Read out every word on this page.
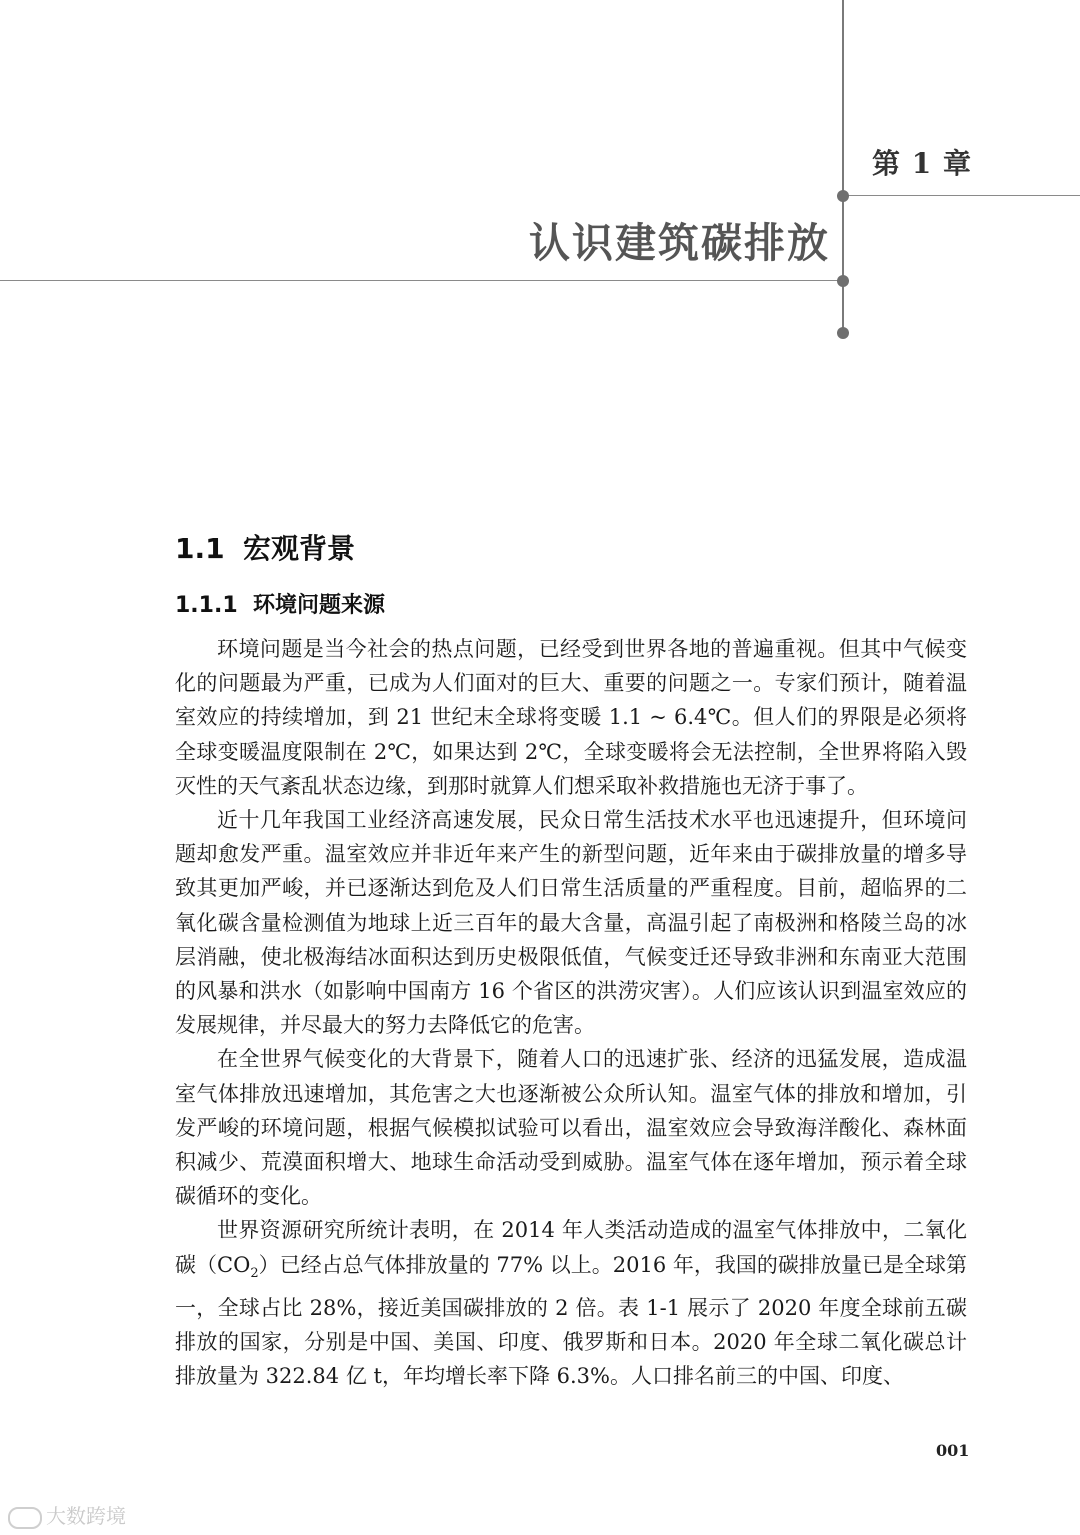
第 1 章
认识建筑碳排放
1.1 宏观背景
1.1.1 环境问题来源

环境问题是当今社会的热点问题，已经受到世界各地的普遍重视。但其中气候变化的问题最为严重，已成为人们面对的巨大、重要的问题之一。专家们预计，随着温室效应的持续增加，到 21 世纪末全球将变暖 1.1 ~ 6.4℃。但人们的界限是必须将全球变暖温度限制在 2℃，如果达到 2℃，全球变暖将会无法控制，全世界将陷入毁灭性的天气紊乱状态边缘，到那时就算人们想采取补救措施也无济于事了。

近十几年我国工业经济高速发展，民众日常生活技术水平也迅速提升，但环境问题却愈发严重。温室效应并非近年来产生的新型问题，近年来由于碳排放量的增多导致其更加严峻，并已逐渐达到危及人们日常生活质量的严重程度。目前，超临界的二氧化碳含量检测值为地球上近三百年的最大含量，高温引起了南极洲和格陵兰岛的冰层消融，使北极海结冰面积达到历史极限低值，气候变迁还导致非洲和东南亚大范围的风暴和洪水（如影响中国南方 16 个省区的洪涝灾害）。人们应该认识到温室效应的发展规律，并尽最大的努力去降低它的危害。

在全世界气候变化的大背景下，随着人口的迅速扩张、经济的迅猛发展，造成温室气体排放迅速增加，其危害之大也逐渐被公众所认知。温室气体的排放和增加，引发严峻的环境问题，根据气候模拟试验可以看出，温室效应会导致海洋酸化、森林面积减少、荒漠面积增大、地球生命活动受到威胁。温室气体在逐年增加，预示着全球碳循环的变化。

世界资源研究所统计表明，在 2014 年人类活动造成的温室气体排放中，二氧化碳$(CO_2)$已经占总气体排放量的 77% 以上。2016 年，我国的碳排放量已是全球第一，全球占比 28%，接近美国碳排放的 2 倍。表 1-1 展示了 2020 年度全球前五碳排放的国家，分别是中国、美国、印度、俄罗斯和日本。2020 年全球二氧化碳总计排放量为 322.84 亿 t，年均增长率下降 6.3%。人口排名前三的中国、印度、

001
大数跨境
